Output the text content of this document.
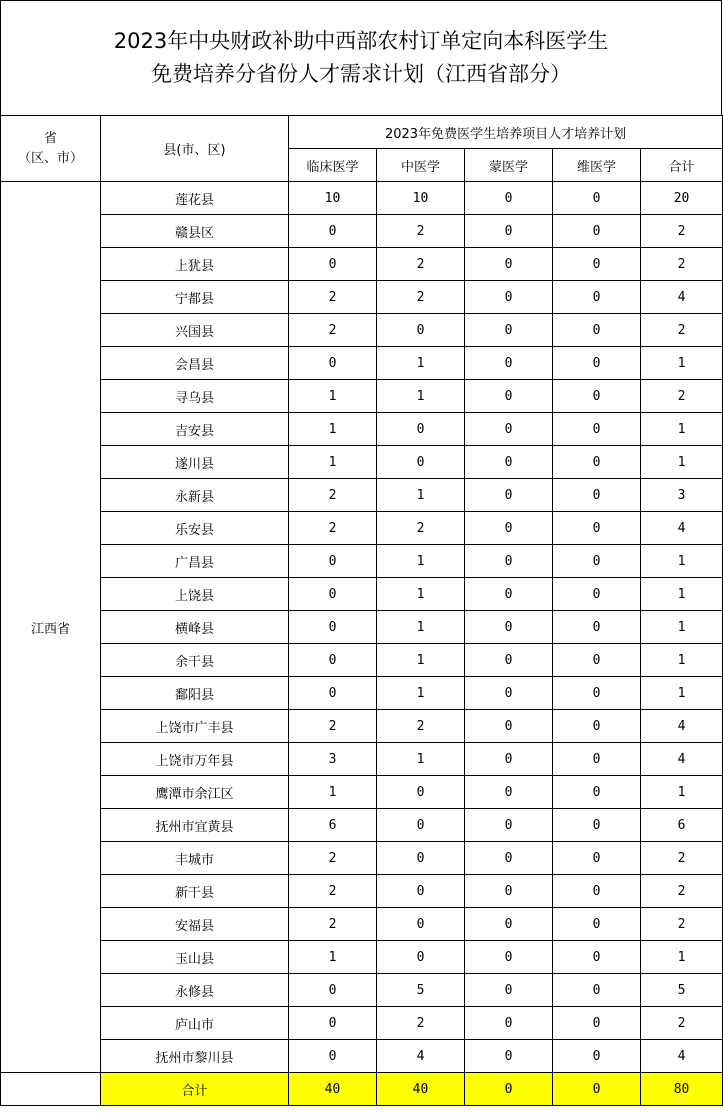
2023年中央财政补助中西部农村订单定向本科医学生
免费培养分省份人才需求计划（江西省部分）
省
（区、市）	县(市、区)	2023年免费医学生培养项目人才培养计划				
		临床医学	中医学	蒙医学	维医学	合计
江西省	莲花县	10	10	0	0	20
	赣县区	0	2	0	0	2
	上犹县	0	2	0	0	2
	宁都县	2	2	0	0	4
	兴国县	2	0	0	0	2
	会昌县	0	1	0	0	1
	寻乌县	1	1	0	0	2
	吉安县	1	0	0	0	1
	遂川县	1	0	0	0	1
	永新县	2	1	0	0	3
	乐安县	2	2	0	0	4
	广昌县	0	1	0	0	1
	上饶县	0	1	0	0	1
	横峰县	0	1	0	0	1
	余干县	0	1	0	0	1
	鄱阳县	0	1	0	0	1
	上饶市广丰县	2	2	0	0	4
	上饶市万年县	3	1	0	0	4
	鹰潭市余江区	1	0	0	0	1
	抚州市宜黄县	6	0	0	0	6
	丰城市	2	0	0	0	2
	新干县	2	0	0	0	2
	安福县	2	0	0	0	2
	玉山县	1	0	0	0	1
	永修县	0	5	0	0	5
	庐山市	0	2	0	0	2
	抚州市黎川县	0	4	0	0	4
	合计	40	40	0	0	80
